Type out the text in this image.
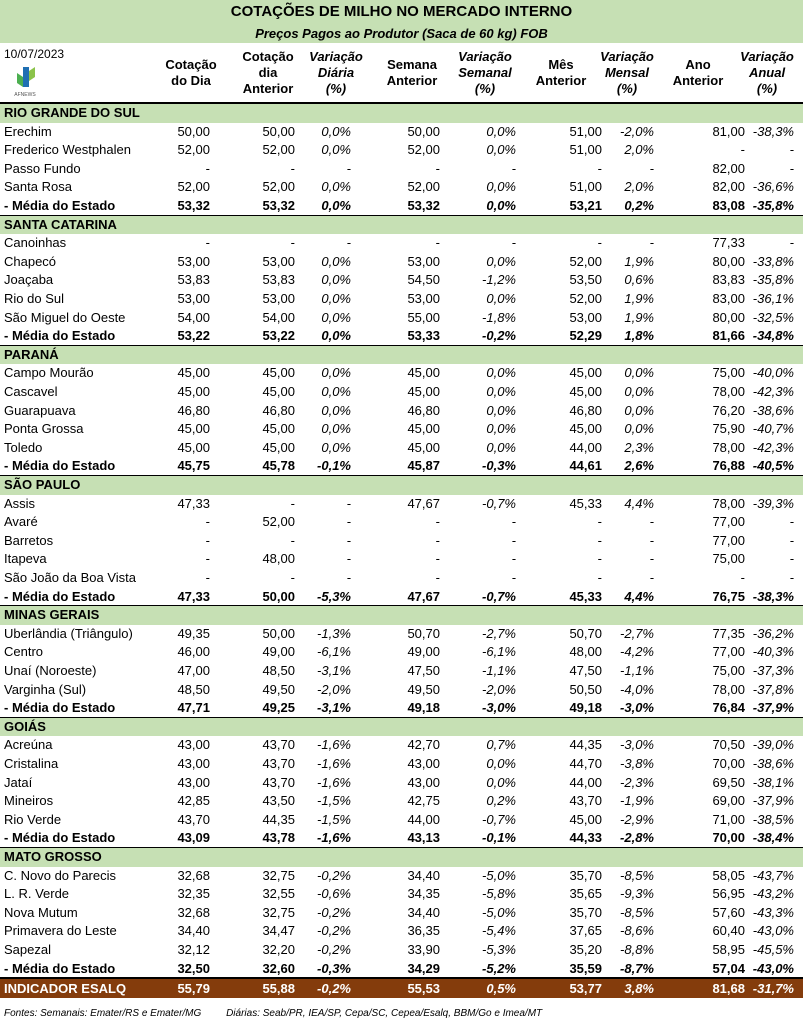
COTAÇÕES DE MILHO NO MERCADO INTERNO
Preços Pagos ao Produtor (Saca de 60 kg) FOB
10/07/2023
AFNEWS
Cotação
do Dia
Cotação
dia
Anterior
Variação
Diária
(%)
Semana
Anterior
Variação
Semanal
(%)
Mês
Anterior
Variação
Mensal
(%)
Ano
Anterior
Variação
Anual
(%)
RIO GRANDE DO SUL
Erechim	50,00	50,00 0,0%	50,00	0,0%	51,00 -2,0%	81,00 -38,3%
Frederico Westphalen	52,00	52,00 0,0%	52,00	0,0%	51,00 2,0%	-	-
Passo Fundo	-	-	-	-	-	-	-	82,00	-
Santa Rosa	52,00	52,00 0,0%	52,00	0,0%	51,00 2,0%	82,00 -36,6%
- Média do Estado	53,32	53,32 0,0%	53,32	0,0%	53,21 0,2%	83,08 -35,8%
SANTA CATARINA
Canoinhas	-	-	-	-	-	-	-	77,33	-
Chapecó	53,00	53,00 0,0%	53,00	0,0%	52,00 1,9%	80,00 -33,8%
Joaçaba	53,83	53,83 0,0%	54,50	-1,2%	53,50 0,6%	83,83 -35,8%
Rio do Sul	53,00	53,00 0,0%	53,00	0,0%	52,00 1,9%	83,00 -36,1%
São Miguel do Oeste	54,00	54,00 0,0%	55,00	-1,8%	53,00 1,9%	80,00 -32,5%
- Média do Estado	53,22	53,22 0,0%	53,33	-0,2%	52,29 1,8%	81,66 -34,8%
PARANÁ
Campo Mourão	45,00	45,00 0,0%	45,00	0,0%	45,00 0,0%	75,00 -40,0%
Cascavel	45,00	45,00 0,0%	45,00	0,0%	45,00 0,0%	78,00 -42,3%
Guarapuava	46,80	46,80 0,0%	46,80	0,0%	46,80 0,0%	76,20 -38,6%
Ponta Grossa	45,00	45,00 0,0%	45,00	0,0%	45,00 0,0%	75,90 -40,7%
Toledo	45,00	45,00 0,0%	45,00	0,0%	44,00 2,3%	78,00 -42,3%
- Média do Estado	45,75	45,78 -0,1%	45,87	-0,3%	44,61 2,6%	76,88 -40,5%
SÃO PAULO
Assis	47,33	-	-	47,67	-0,7%	45,33 4,4%	78,00 -39,3%
Avaré	-	52,00	-	-	-	-	-	77,00	-
Barretos	-	-	-	-	-	-	-	77,00	-
Itapeva	-	48,00	-	-	-	-	-	75,00	-
São João da Boa Vista	-	-	-	-	-	-	-	-	-
- Média do Estado	47,33	50,00 -5,3%	47,67	-0,7%	45,33 4,4%	76,75 -38,3%
MINAS GERAIS
Uberlândia (Triângulo)	49,35	50,00 -1,3%	50,70	-2,7%	50,70 -2,7%	77,35 -36,2%
Centro	46,00	49,00 -6,1%	49,00	-6,1%	48,00 -4,2%	77,00 -40,3%
Unaí (Noroeste)	47,00	48,50 -3,1%	47,50	-1,1%	47,50 -1,1%	75,00 -37,3%
Varginha (Sul)	48,50	49,50 -2,0%	49,50	-2,0%	50,50 -4,0%	78,00 -37,8%
- Média do Estado	47,71	49,25 -3,1%	49,18	-3,0%	49,18 -3,0%	76,84 -37,9%
GOIÁS
Acreúna	43,00	43,70 -1,6%	42,70	0,7%	44,35 -3,0%	70,50 -39,0%
Cristalina	43,00	43,70 -1,6%	43,00	0,0%	44,70 -3,8%	70,00 -38,6%
Jataí	43,00	43,70 -1,6%	43,00	0,0%	44,00 -2,3%	69,50 -38,1%
Mineiros	42,85	43,50 -1,5%	42,75	0,2%	43,70 -1,9%	69,00 -37,9%
Rio Verde	43,70	44,35 -1,5%	44,00	-0,7%	45,00 -2,9%	71,00 -38,5%
- Média do Estado	43,09	43,78 -1,6%	43,13	-0,1%	44,33 -2,8%	70,00 -38,4%
MATO GROSSO
C. Novo do Parecis	32,68	32,75 -0,2%	34,40	-5,0%	35,70 -8,5%	58,05 -43,7%
L. R. Verde	32,35	32,55 -0,6%	34,35	-5,8%	35,65 -9,3%	56,95 -43,2%
Nova Mutum	32,68	32,75 -0,2%	34,40	-5,0%	35,70 -8,5%	57,60 -43,3%
Primavera do Leste	34,40	34,47 -0,2%	36,35	-5,4%	37,65 -8,6%	60,40 -43,0%
Sapezal	32,12	32,20 -0,2%	33,90	-5,3%	35,20 -8,8%	58,95 -45,5%
- Média do Estado	32,50	32,60 -0,3%	34,29	-5,2%	35,59 -8,7%	57,04 -43,0%
INDICADOR ESALQ	55,79	55,88 -0,2%	55,53	0,5%	53,77 3,8%	81,68 -31,7%
Fontes: Semanais: Emater/RS e Emater/MG Diárias: Seab/PR, IEA/SP, Cepa/SC, Cepea/Esalq, BBM/Go e Imea/MT
